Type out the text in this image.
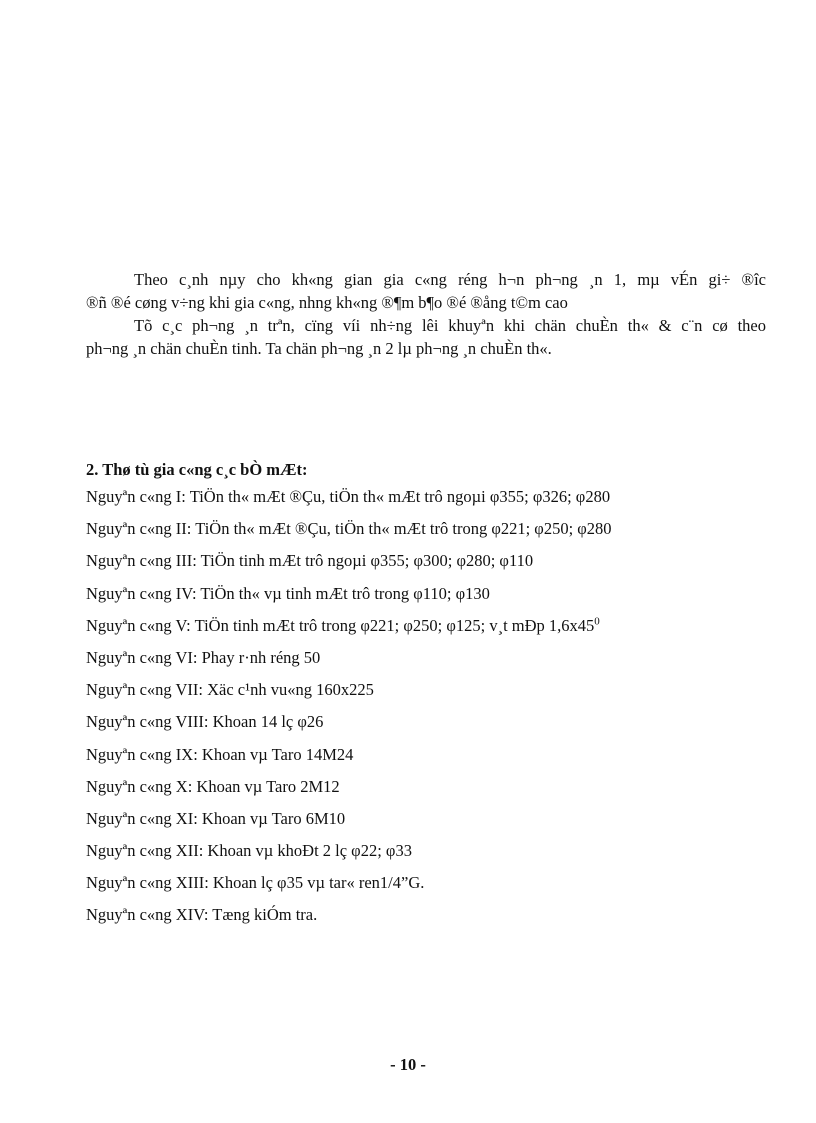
Theo c¸nh nµy cho kh«ng gian gia c«ng réng h¬n ph¬ng ¸n 1, mµ vÉn gi÷ ®îc

®ñ ®é cøng v÷ng khi gia c«ng, nhng kh«ng ®¶m b¶o ®é ®ång t©m cao

Tõ c¸c ph¬ng ¸n trªn, cïng víi nh÷ng lêi khuyªn khi chän chuÈn th« & c¨n cø theo

ph¬ng ¸n chän chuÈn tinh. Ta chän ph¬ng ¸n 2 lµ ph¬ng ¸n chuÈn th«.

2. Thø tù gia c«ng c¸c bÒ mÆt:
Nguyªn c«ng I: TiÖn th« mÆt ®Çu, tiÖn th« mÆt trô ngoµi φ355; φ326; φ280
Nguyªn c«ng II: TiÖn th« mÆt ®Çu, tiÖn th« mÆt trô trong φ221; φ250; φ280
Nguyªn c«ng III: TiÖn tinh mÆt trô ngoµi φ355; φ300; φ280; φ110
Nguyªn c«ng IV: TiÖn th« vµ tinh mÆt trô trong φ110; φ130
Nguyªn c«ng V: TiÖn tinh mÆt trô trong φ221; φ250; φ125; v¸t mÐp $1,6x45^0$
Nguyªn c«ng VI: Phay r·nh réng 50
Nguyªn c«ng VII: Xäc c¹nh vu«ng 160x225
Nguyªn c«ng VIII: Khoan 14 lç φ26
Nguyªn c«ng IX: Khoan vµ Taro 14M24
Nguyªn c«ng X: Khoan vµ Taro 2M12
Nguyªn c«ng XI: Khoan vµ Taro 6M10
Nguyªn c«ng XII: Khoan vµ khoÐt 2 lç φ22; φ33
Nguyªn c«ng XIII: Khoan lç φ35 vµ tar« ren1/4”G.
Nguyªn c«ng XIV: Tæng kiÓm tra.
- 10 -
